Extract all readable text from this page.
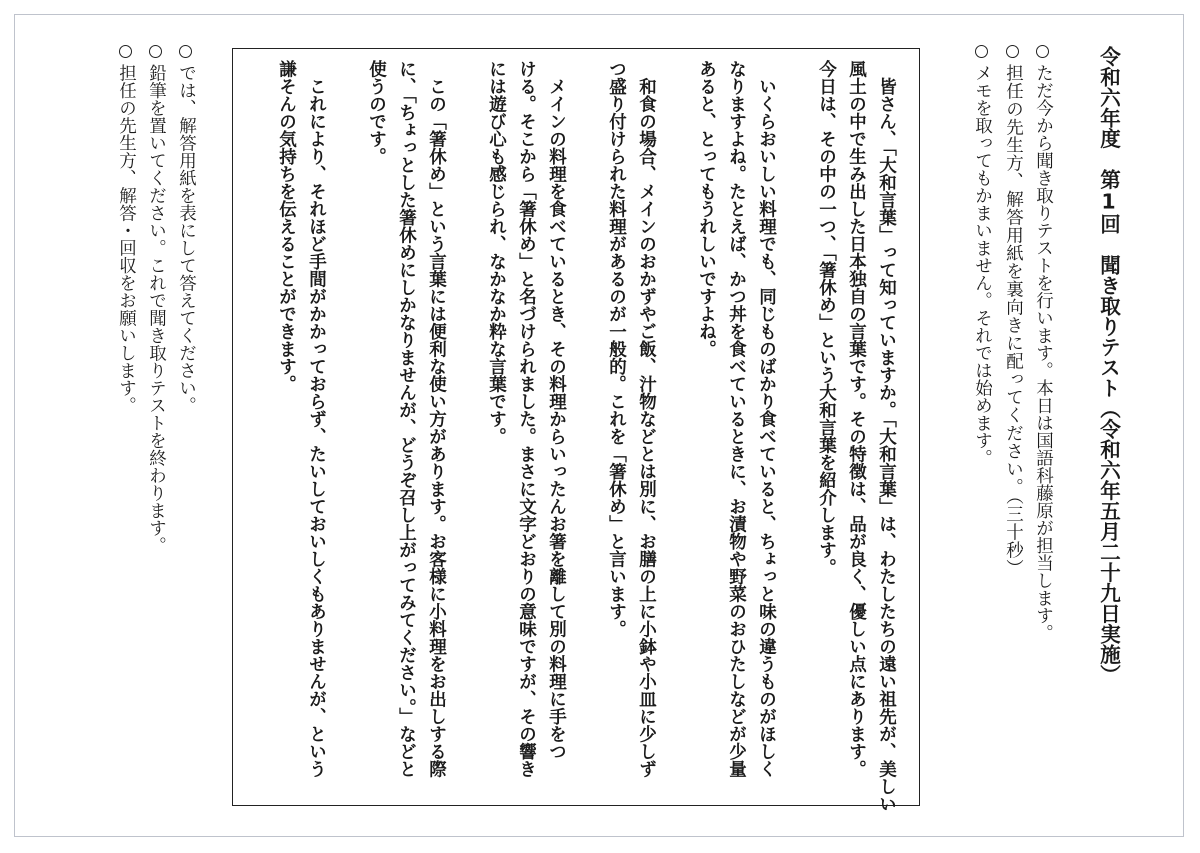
令和六年度　第1回　聞き取りテスト（令和六年五月二十九日実施）
ただ今から聞き取りテストを行います。本日は国語科藤原が担当します。
担任の先生方、解答用紙を裏向きに配ってください。（三十秒）
メモを取ってもかまいません。それでは始めます。
　皆さん、「大和言葉」って知っていますか。「大和言葉」は、わたしたちの遠い祖先が、美しい
風土の中で生み出した日本独自の言葉です。その特徴は、品が良く、優しい点にあります。
今日は、その中の一つ、「箸休め」という大和言葉を紹介します。
　いくらおいしい料理でも、同じものばかり食べていると、ちょっと味の違うものがほしく
なりますよね。たとえば、かつ丼を食べているときに、お漬物や野菜のおひたしなどが少量
あると、とってもうれしいですよね。
　和食の場合、メインのおかずやご飯、汁物などとは別に、お膳の上に小鉢や小皿に少しず
つ盛り付けられた料理があるのが一般的。これを「箸休め」と言います。
　メインの料理を食べているとき、その料理からいったんお箸を離して別の料理に手をつ
ける。そこから「箸休め」と名づけられました。まさに文字どおりの意味ですが、その響き
には遊び心も感じられ、なかなか粋な言葉です。
　この「箸休め」という言葉には便利な使い方があります。お客様に小料理をお出しする際
に、「ちょっとした箸休めにしかなりませんが、どうぞ召し上がってみてください。」などと
使うのです。
　これにより、それほど手間がかかっておらず、たいしておいしくもありませんが、という
謙そんの気持ちを伝えることができます。
では、解答用紙を表にして答えてください。
鉛筆を置いてください。これで聞き取りテストを終わります。
担任の先生方、解答・回収をお願いします。
